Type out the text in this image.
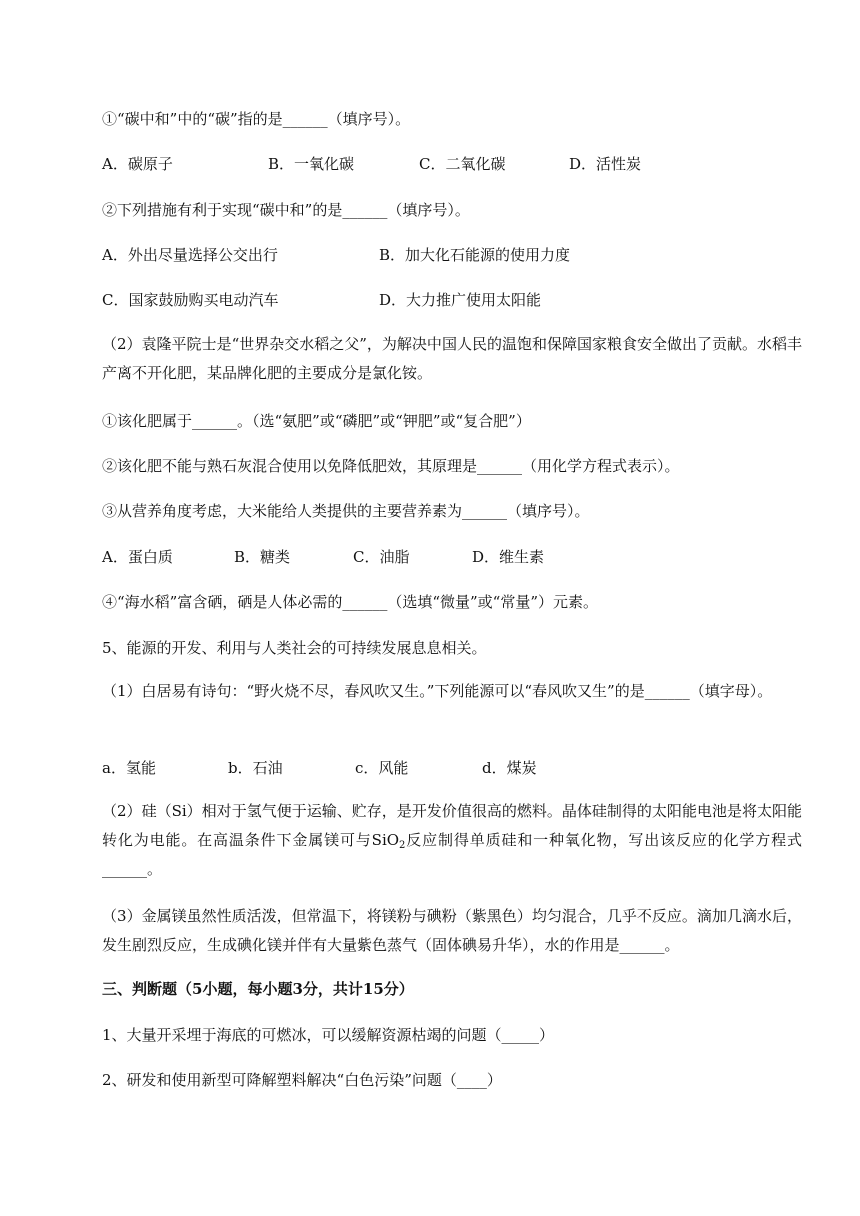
①“碳中和”中的“碳”指的是______（填序号）。
A．碳原子	B．一氧化碳	C．二氧化碳	D．活性炭
②下列措施有利于实现“碳中和”的是______（填序号）。
A．外出尽量选择公交出行	B．加大化石能源的使用力度
C．国家鼓励购买电动汽车	D．大力推广使用太阳能
（2）袁隆平院士是“世界杂交水稻之父”，为解决中国人民的温饱和保障国家粮食安全做出了贡献。水稻丰产离不开化肥，某品牌化肥的主要成分是氯化铵。
①该化肥属于______。（选“氨肥”或“磷肥”或“钾肥”或“复合肥”）
②该化肥不能与熟石灰混合使用以免降低肥效，其原理是______（用化学方程式表示）。
③从营养角度考虑，大米能给人类提供的主要营养素为______（填序号）。
A．蛋白质	B．糖类	C．油脂	D．维生素
④“海水稻”富含硒，硒是人体必需的______（选填“微量”或“常量”）元素。
5、能源的开发、利用与人类社会的可持续发展息息相关。
（1）白居易有诗句：“野火烧不尽，春风吹又生。”下列能源可以“春风吹又生”的是______（填字母）。
a．氢能	b．石油	c．风能	d．煤炭
（2）硅（Si）相对于氢气便于运输、贮存，是开发价值很高的燃料。晶体硅制得的太阳能电池是将太阳能转化为电能。在高温条件下金属镁可与SiO$_2$反应制得单质硅和一种氧化物，写出该反应的化学方程式______。
（3）金属镁虽然性质活泼，但常温下，将镁粉与碘粉（紫黑色）均匀混合，几乎不反应。滴加几滴水后，发生剧烈反应，生成碘化镁并伴有大量紫色蒸气（固体碘易升华），水的作用是______。
三、判断题（5小题，每小题3分，共计15分）
1、大量开采埋于海底的可燃冰，可以缓解资源枯竭的问题（_____）
2、研发和使用新型可降解塑料解决“白色污染”问题（____）
